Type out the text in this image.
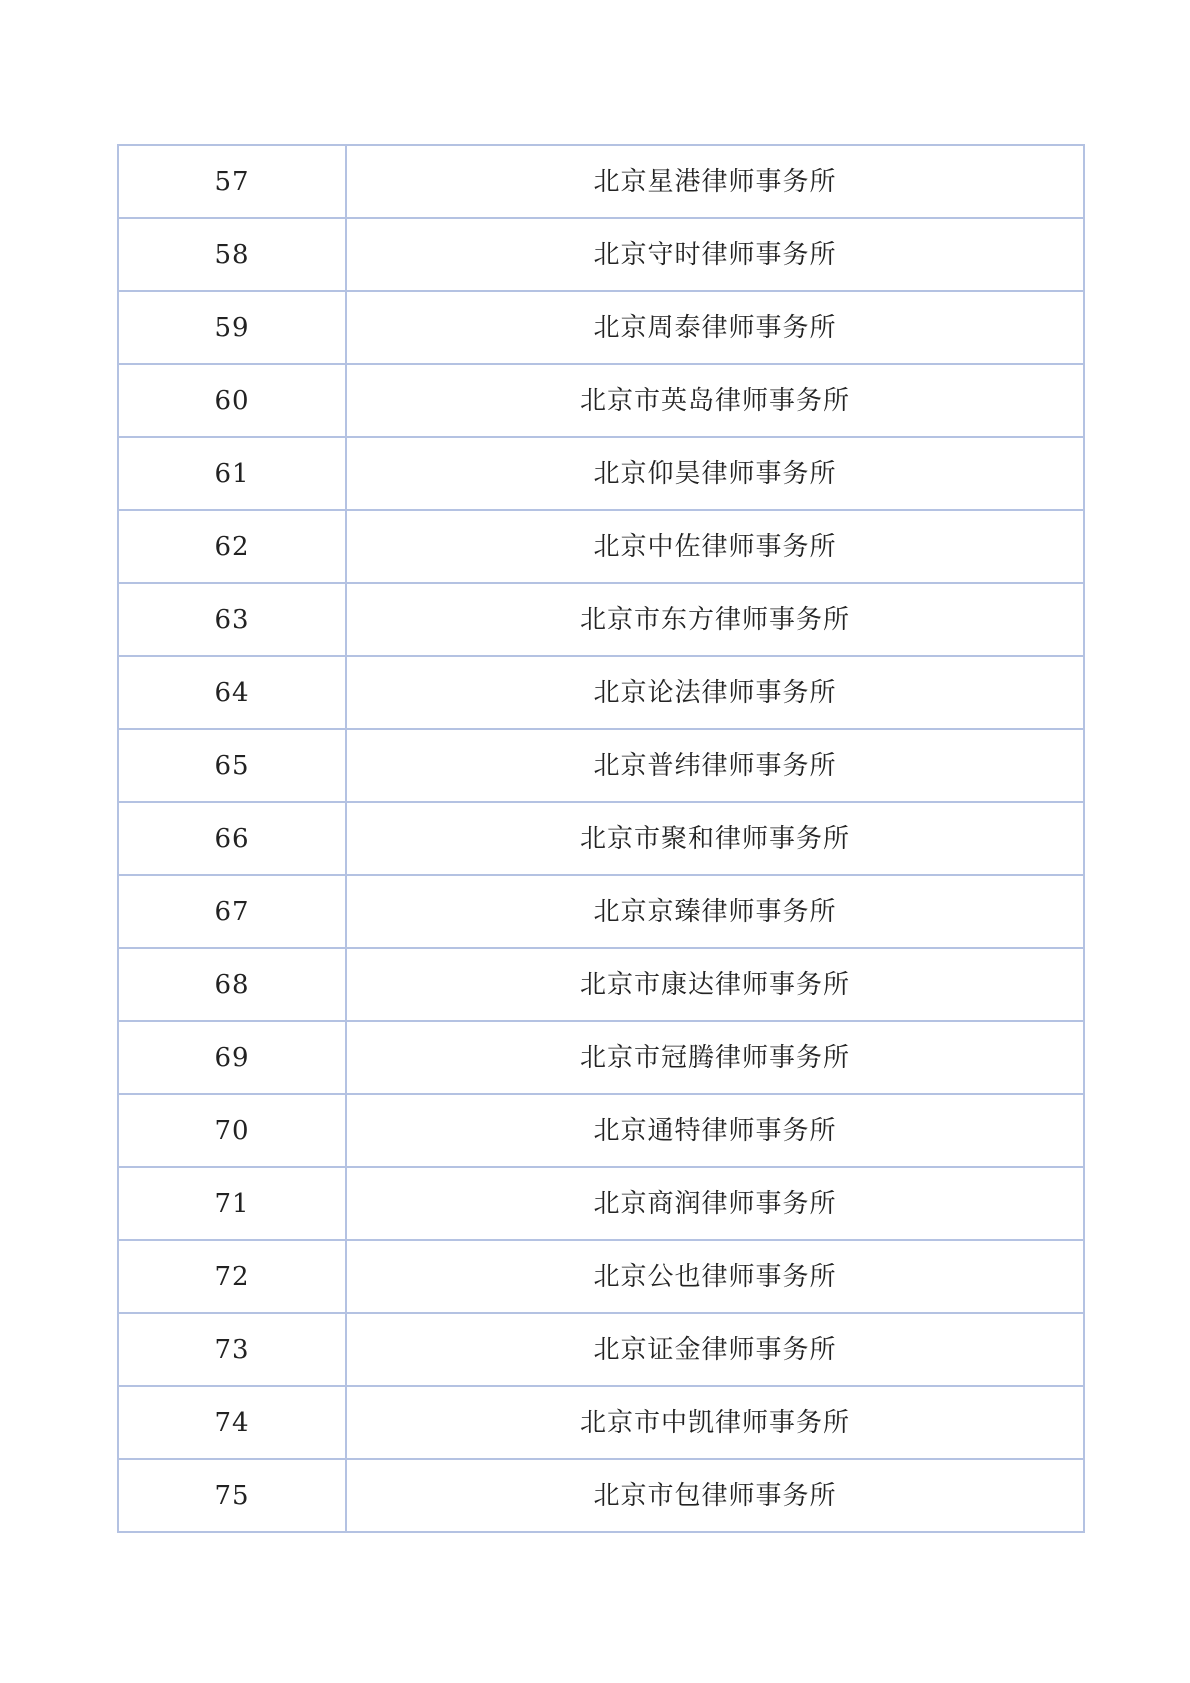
57	北京星港律师事务所
58	北京守时律师事务所
59	北京周泰律师事务所
60	北京市英岛律师事务所
61	北京仰昊律师事务所
62	北京中佐律师事务所
63	北京市东方律师事务所
64	北京论法律师事务所
65	北京普纬律师事务所
66	北京市聚和律师事务所
67	北京京臻律师事务所
68	北京市康达律师事务所
69	北京市冠腾律师事务所
70	北京通特律师事务所
71	北京商润律师事务所
72	北京公也律师事务所
73	北京证金律师事务所
74	北京市中凯律师事务所
75	北京市包律师事务所
